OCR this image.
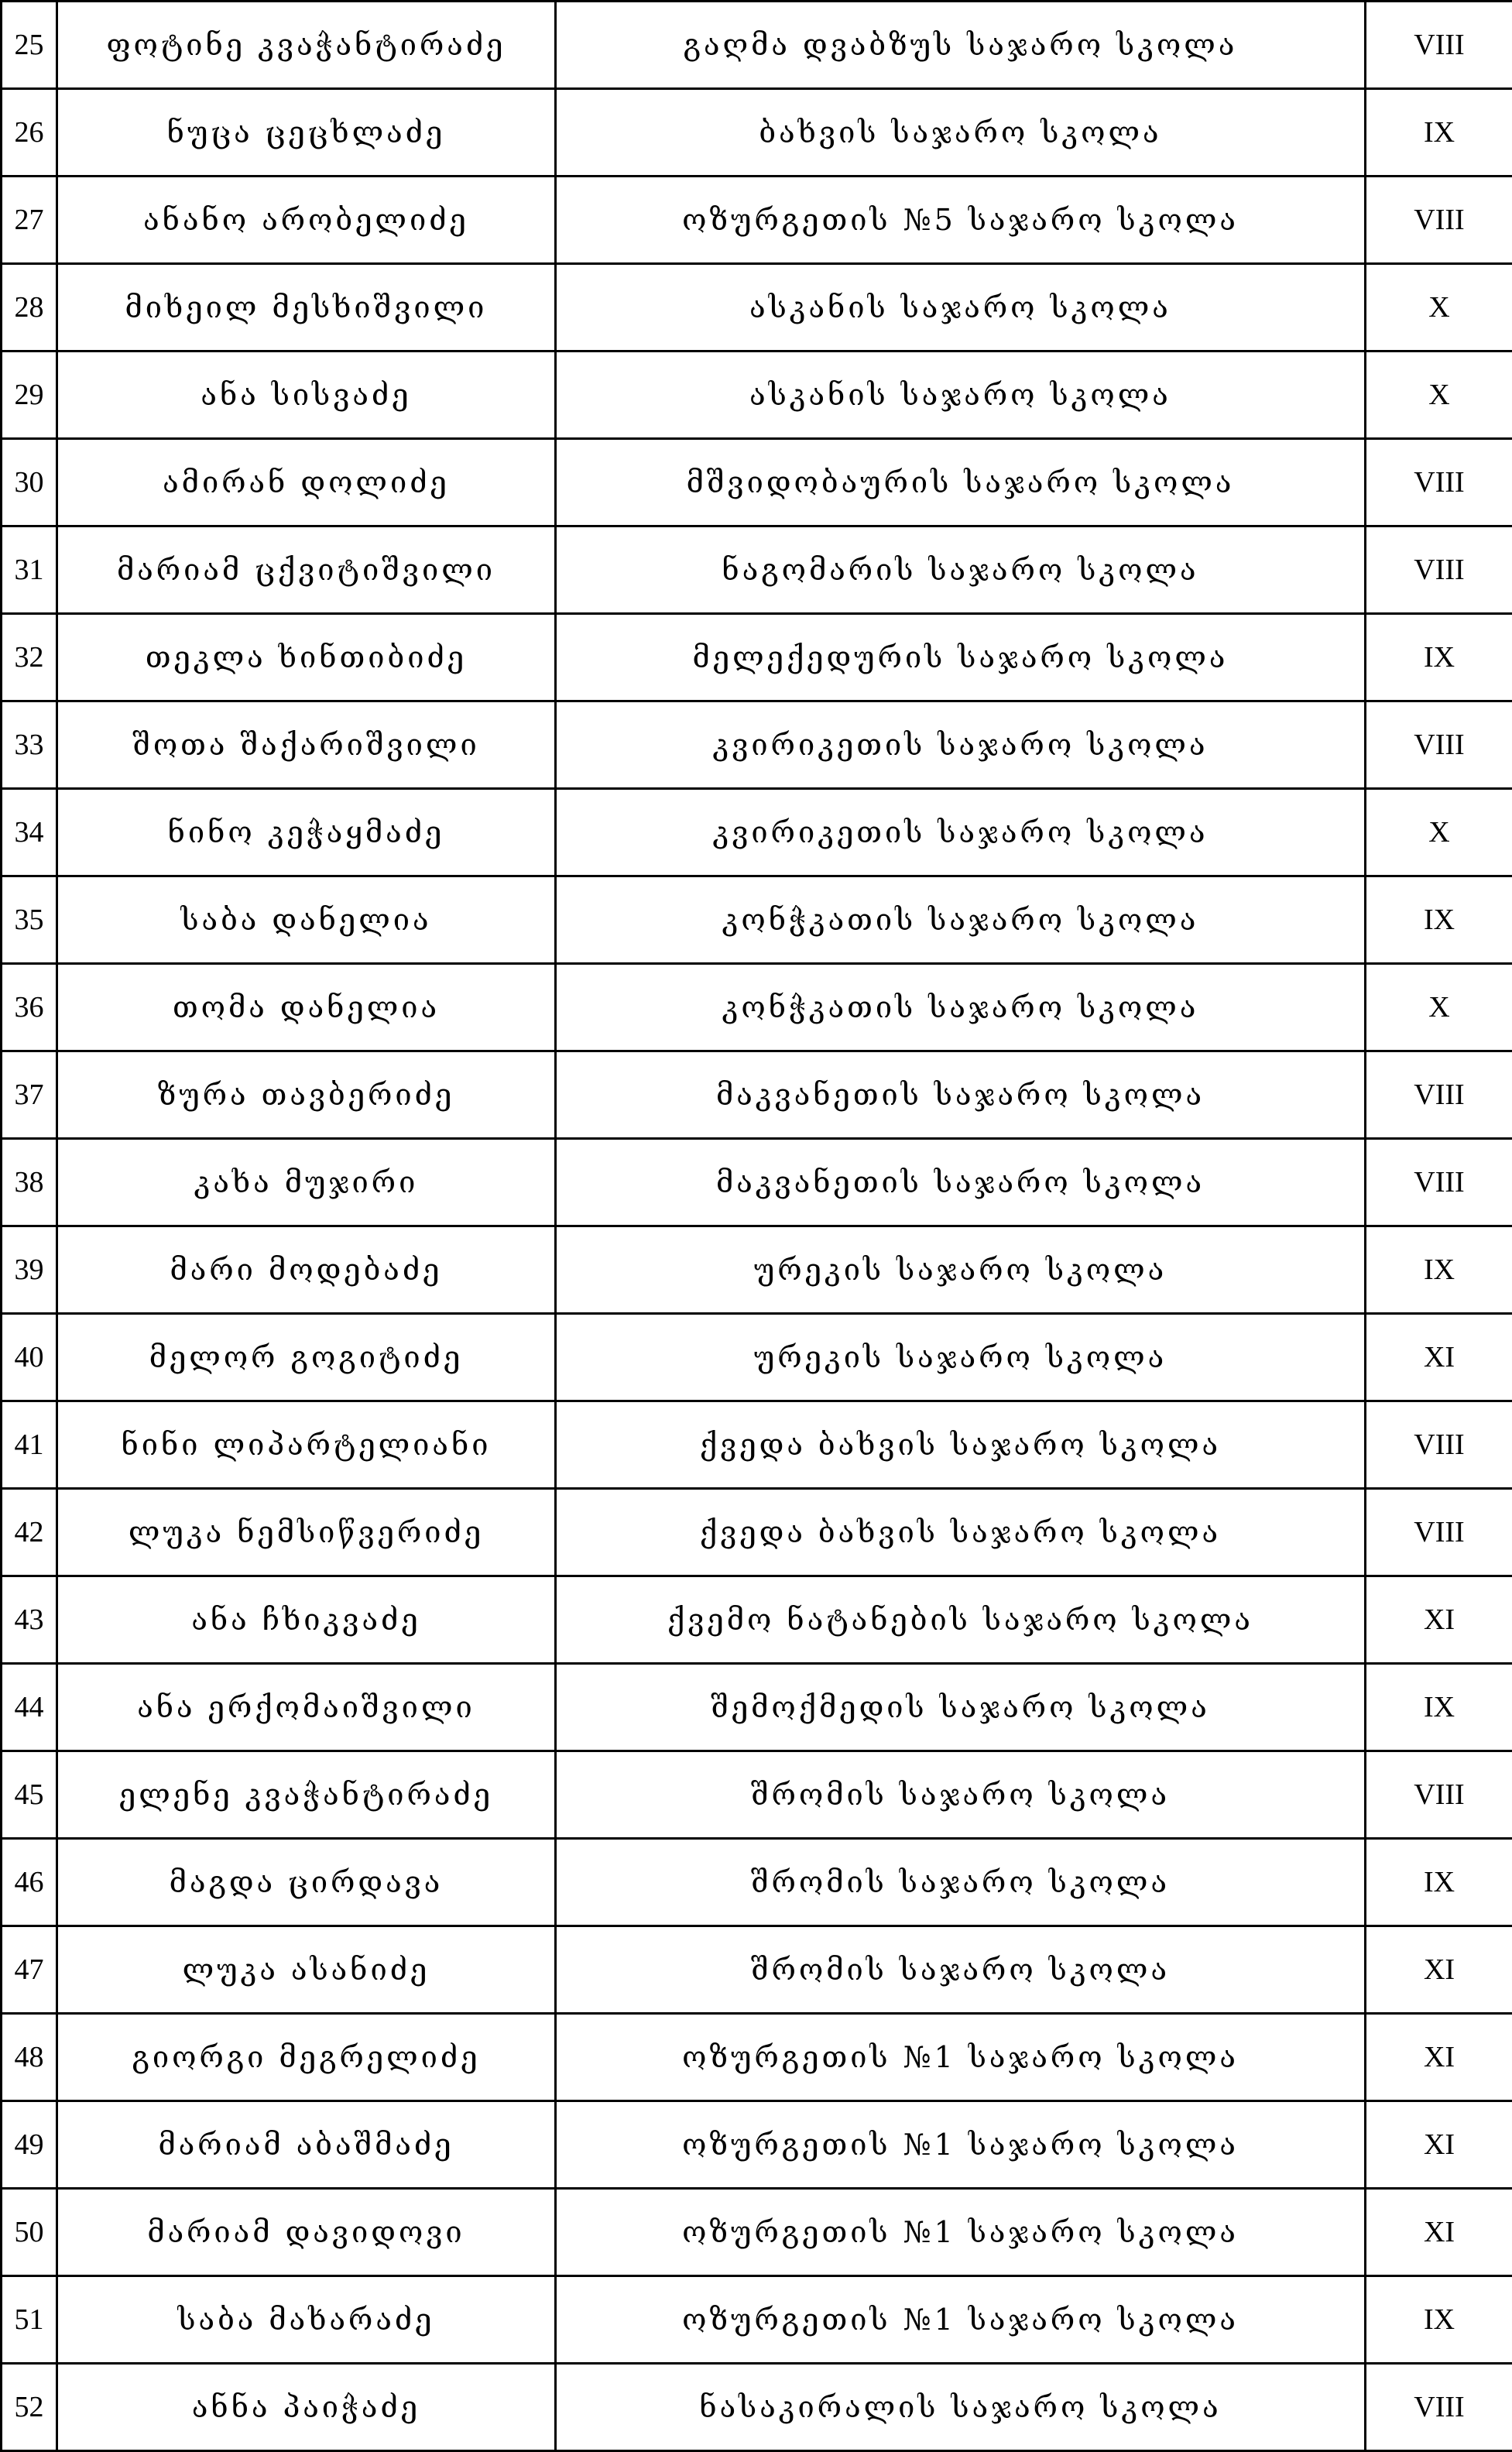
25	ფოტინე კვაჭანტირაძე	გაღმა დვაბზუს საჯარო სკოლა	VIII
26	ნუცა ცეცხლაძე	ბახვის საჯარო სკოლა	IX
27	ანანო არობელიძე	ოზურგეთის №5 საჯარო სკოლა	VIII
28	მიხეილ მესხიშვილი	ასკანის საჯარო სკოლა	X
29	ანა სისვაძე	ასკანის საჯარო სკოლა	X
30	ამირან დოლიძე	მშვიდობაურის საჯარო სკოლა	VIII
31	მარიამ ცქვიტიშვილი	ნაგომარის საჯარო სკოლა	VIII
32	თეკლა ხინთიბიძე	მელექედურის საჯარო სკოლა	IX
33	შოთა შაქარიშვილი	კვირიკეთის საჯარო სკოლა	VIII
34	ნინო კეჭაყმაძე	კვირიკეთის საჯარო სკოლა	X
35	საბა დანელია	კონჭკათის საჯარო სკოლა	IX
36	თომა დანელია	კონჭკათის საჯარო სკოლა	X
37	ზურა თავბერიძე	მაკვანეთის საჯარო სკოლა	VIII
38	კახა მუჯირი	მაკვანეთის საჯარო სკოლა	VIII
39	მარი მოდებაძე	ურეკის საჯარო სკოლა	IX
40	მელორ გოგიტიძე	ურეკის საჯარო სკოლა	XI
41	ნინი ლიპარტელიანი	ქვედა ბახვის საჯარო სკოლა	VIII
42	ლუკა ნემსიწვერიძე	ქვედა ბახვის საჯარო სკოლა	VIII
43	ანა ჩხიკვაძე	ქვემო ნატანების საჯარო სკოლა	XI
44	ანა ერქომაიშვილი	შემოქმედის საჯარო სკოლა	IX
45	ელენე კვაჭანტირაძე	შრომის საჯარო სკოლა	VIII
46	მაგდა ცირდავა	შრომის საჯარო სკოლა	IX
47	ლუკა ასანიძე	შრომის საჯარო სკოლა	XI
48	გიორგი მეგრელიძე	ოზურგეთის №1 საჯარო სკოლა	XI
49	მარიამ აბაშმაძე	ოზურგეთის №1 საჯარო სკოლა	XI
50	მარიამ დავიდოვი	ოზურგეთის №1 საჯარო სკოლა	XI
51	საბა მახარაძე	ოზურგეთის №1 საჯარო სკოლა	IX
52	ანნა პაიჭაძე	ნასაკირალის საჯარო სკოლა	VIII
